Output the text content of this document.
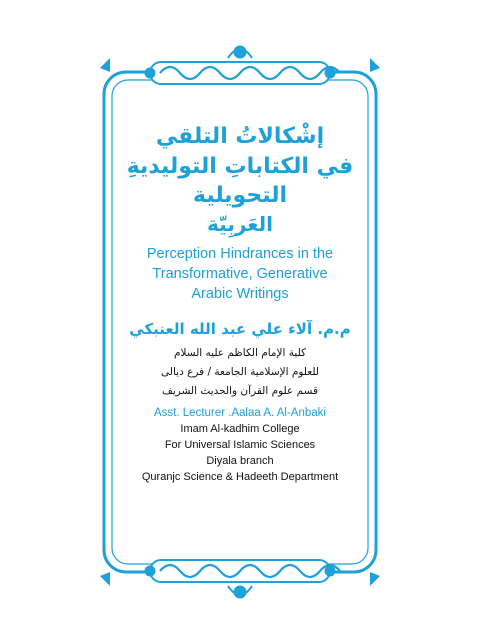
إشْكالاتُ التلقي
في الكتاباتِ التوليديةِ التحويلية
العَربِيّة
Perception Hindrances in the
Transformative, Generative
Arabic Writings
م.م. آلاء علي عبد الله العنبكي
كلية الإمام الكاظم عليه السلام
للعلوم الإسلامية الجامعة / فرع ديالى
قسم علوم القرآن والحديث الشريف
Asst. Lecturer .Aalaa A. Al-Anbaki
Imam Al-kadhim College
For Universal Islamic Sciences
Diyala branch
Quranjc Science & Hadeeth Department
